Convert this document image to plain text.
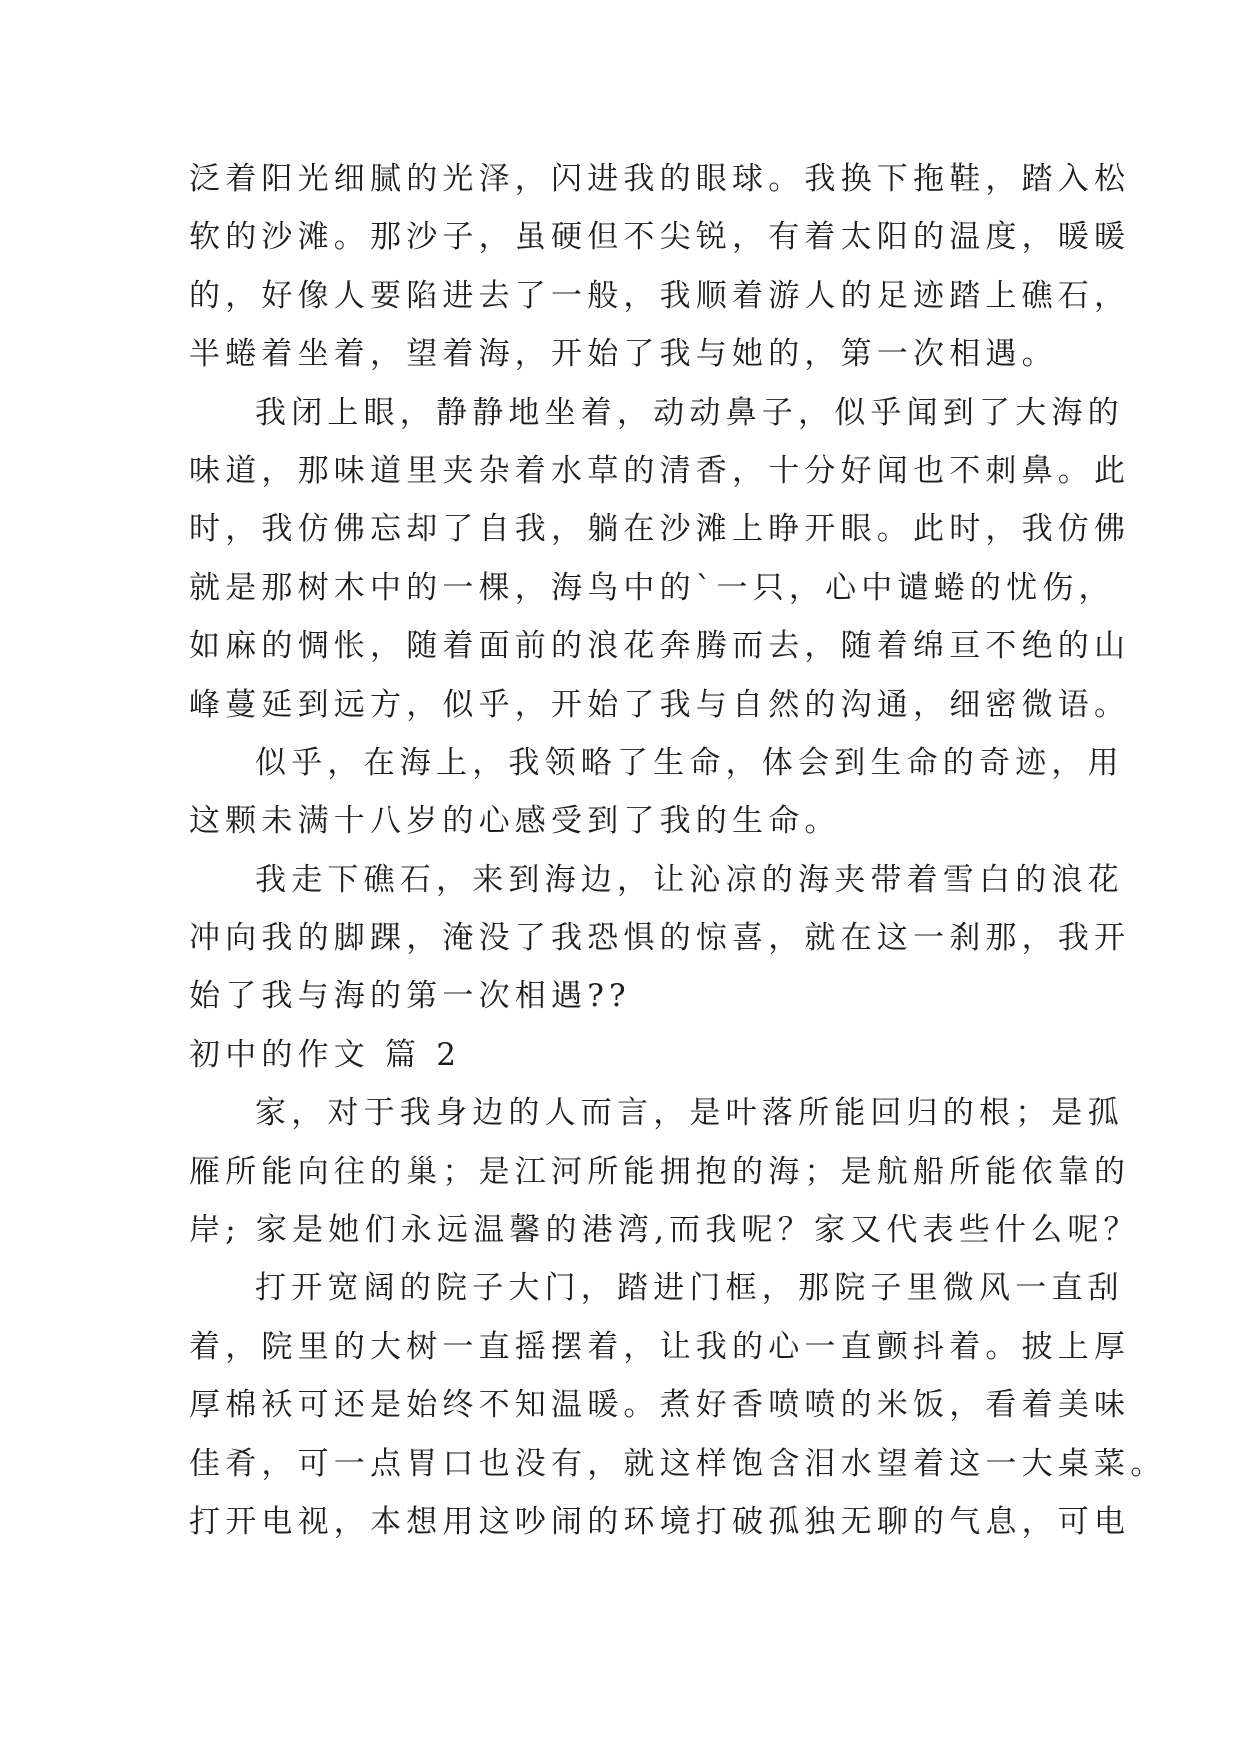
泛着阳光细腻的光泽，闪进我的眼球。我换下拖鞋，踏入松
软的沙滩。那沙子，虽硬但不尖锐，有着太阳的温度，暖暖
的，好像人要陷进去了一般，我顺着游人的足迹踏上礁石，
半蜷着坐着，望着海，开始了我与她的，第一次相遇。
我闭上眼，静静地坐着，动动鼻子，似乎闻到了大海的
味道，那味道里夹杂着水草的清香，十分好闻也不刺鼻。此
时，我仿佛忘却了自我，躺在沙滩上睁开眼。此时，我仿佛
就是那树木中的一棵，海鸟中的`一只，心中谴蜷的忧伤，
如麻的惆怅，随着面前的浪花奔腾而去，随着绵亘不绝的山
峰蔓延到远方，似乎，开始了我与自然的沟通，细密微语。
似乎，在海上，我领略了生命，体会到生命的奇迹，用
这颗未满十八岁的心感受到了我的生命。
我走下礁石，来到海边，让沁凉的海夹带着雪白的浪花
冲向我的脚踝，淹没了我恐惧的惊喜，就在这一刹那，我开
始了我与海的第一次相遇??
初中的作文 篇 2
家，对于我身边的人而言，是叶落所能回归的根；是孤
雁所能向往的巢；是江河所能拥抱的海；是航船所能依靠的
岸; 家是她们永远温馨的港湾,而我呢？家又代表些什么呢？
打开宽阔的院子大门，踏进门框，那院子里微风一直刮
着，院里的大树一直摇摆着，让我的心一直颤抖着。披上厚
厚棉袄可还是始终不知温暖。煮好香喷喷的米饭，看着美味
佳肴，可一点胃口也没有，就这样饱含泪水望着这一大桌菜。
打开电视，本想用这吵闹的环境打破孤独无聊的气息，可电
